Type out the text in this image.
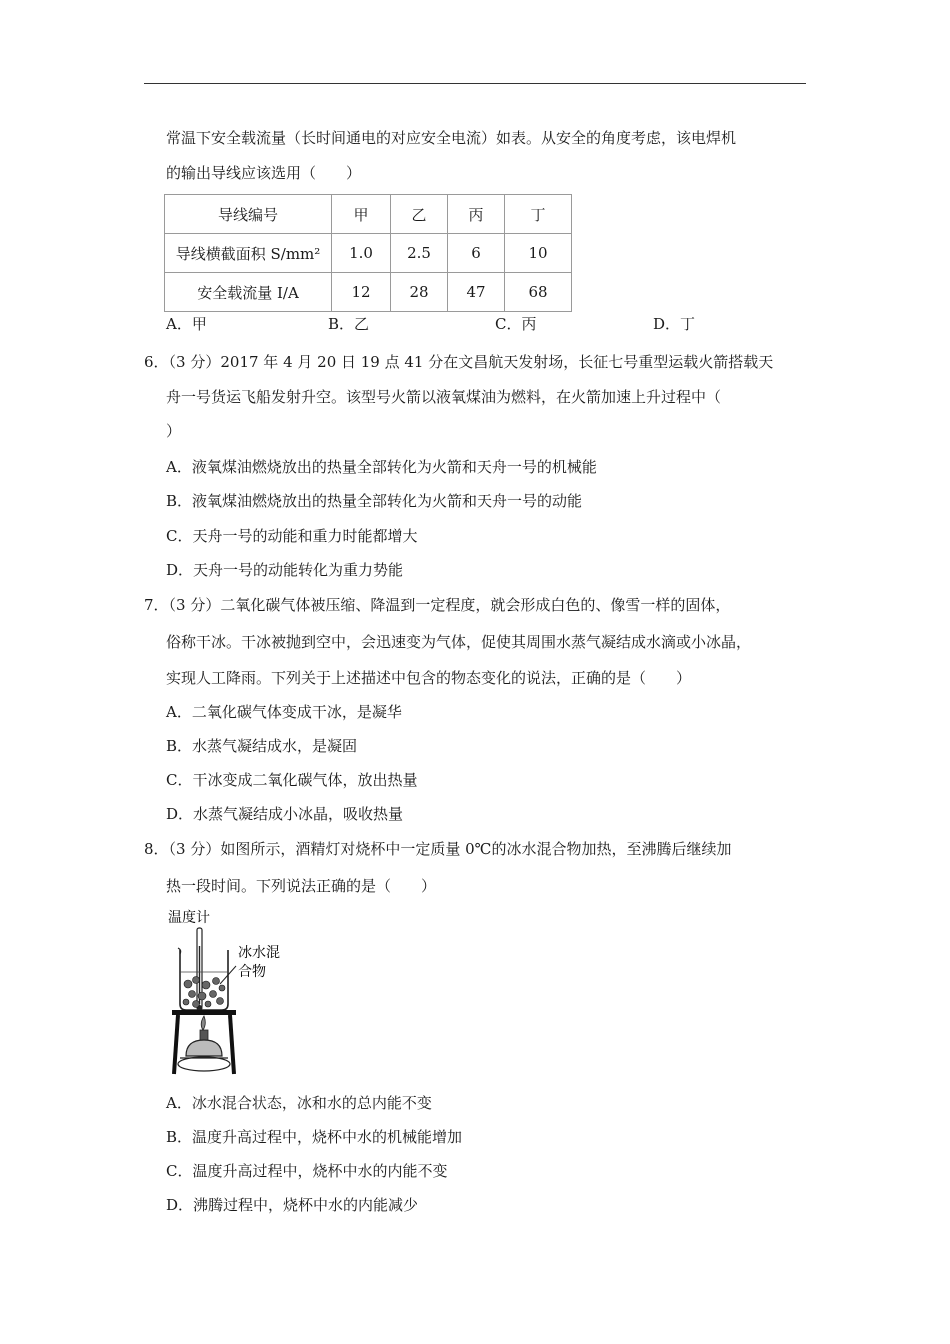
常温下安全载流量（长时间通电的对应安全电流）如表。从安全的角度考虑，该电焊机
的输出导线应该选用（　　）
导线编号	甲	乙	丙	丁
导线横截面积 S/mm²	1.0	2.5	6	10
安全载流量 I/A	12	28	47	68
A．甲	B．乙	C．丙	D．丁
6．（3 分）2017 年 4 月 20 日 19 点 41 分在文昌航天发射场，长征七号重型运载火箭搭载天
舟一号货运飞船发射升空。该型号火箭以液氧煤油为燃料，在火箭加速上升过程中（
）
A．液氧煤油燃烧放出的热量全部转化为火箭和天舟一号的机械能
B．液氧煤油燃烧放出的热量全部转化为火箭和天舟一号的动能
C．天舟一号的动能和重力时能都增大
D．天舟一号的动能转化为重力势能
7．（3 分）二氧化碳气体被压缩、降温到一定程度，就会形成白色的、像雪一样的固体，
俗称干冰。干冰被抛到空中，会迅速变为气体，促使其周围水蒸气凝结成水滴或小冰晶，
实现人工降雨。下列关于上述描述中包含的物态变化的说法，正确的是（　　）
A．二氧化碳气体变成干冰，是凝华
B．水蒸气凝结成水，是凝固
C．干冰变成二氧化碳气体，放出热量
D．水蒸气凝结成小冰晶，吸收热量
8．（3 分）如图所示，酒精灯对烧杯中一定质量 0℃的冰水混合物加热，至沸腾后继续加
热一段时间。下列说法正确的是（　　）
温度计
冰水混
合物
A．冰水混合状态，冰和水的总内能不变
B．温度升高过程中，烧杯中水的机械能增加
C．温度升高过程中，烧杯中水的内能不变
D．沸腾过程中，烧杯中水的内能减少
